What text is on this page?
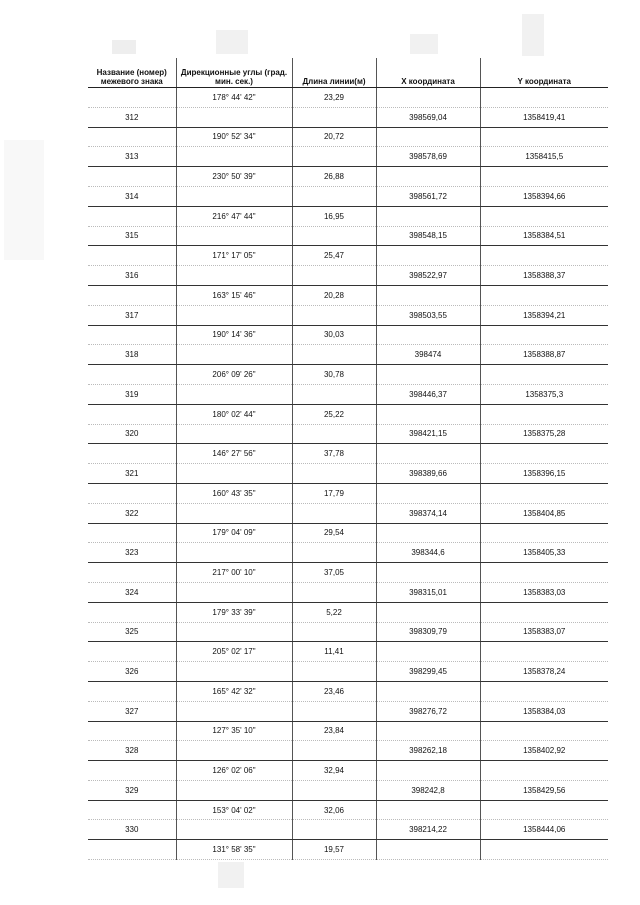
Название (номер) межевого знака	Дирекционные углы (град. мин. сек.)	Длина линии(м)	X координата	Y координата
	178° 44' 42"	23,29		
312			398569,04	1358419,41
	190° 52' 34"	20,72		
313			398578,69	1358415,5
	230° 50' 39"	26,88		
314			398561,72	1358394,66
	216° 47' 44"	16,95		
315			398548,15	1358384,51
	171° 17' 05"	25,47		
316			398522,97	1358388,37
	163° 15' 46"	20,28		
317			398503,55	1358394,21
	190° 14' 36"	30,03		
318			398474	1358388,87
	206° 09' 26"	30,78		
319			398446,37	1358375,3
	180° 02' 44"	25,22		
320			398421,15	1358375,28
	146° 27' 56"	37,78		
321			398389,66	1358396,15
	160° 43' 35"	17,79		
322			398374,14	1358404,85
	179° 04' 09"	29,54		
323			398344,6	1358405,33
	217° 00' 10"	37,05		
324			398315,01	1358383,03
	179° 33' 39"	5,22		
325			398309,79	1358383,07
	205° 02' 17"	11,41		
326			398299,45	1358378,24
	165° 42' 32"	23,46		
327			398276,72	1358384,03
	127° 35' 10"	23,84		
328			398262,18	1358402,92
	126° 02' 06"	32,94		
329			398242,8	1358429,56
	153° 04' 02"	32,06		
330			398214,22	1358444,06
	131° 58' 35"	19,57		
